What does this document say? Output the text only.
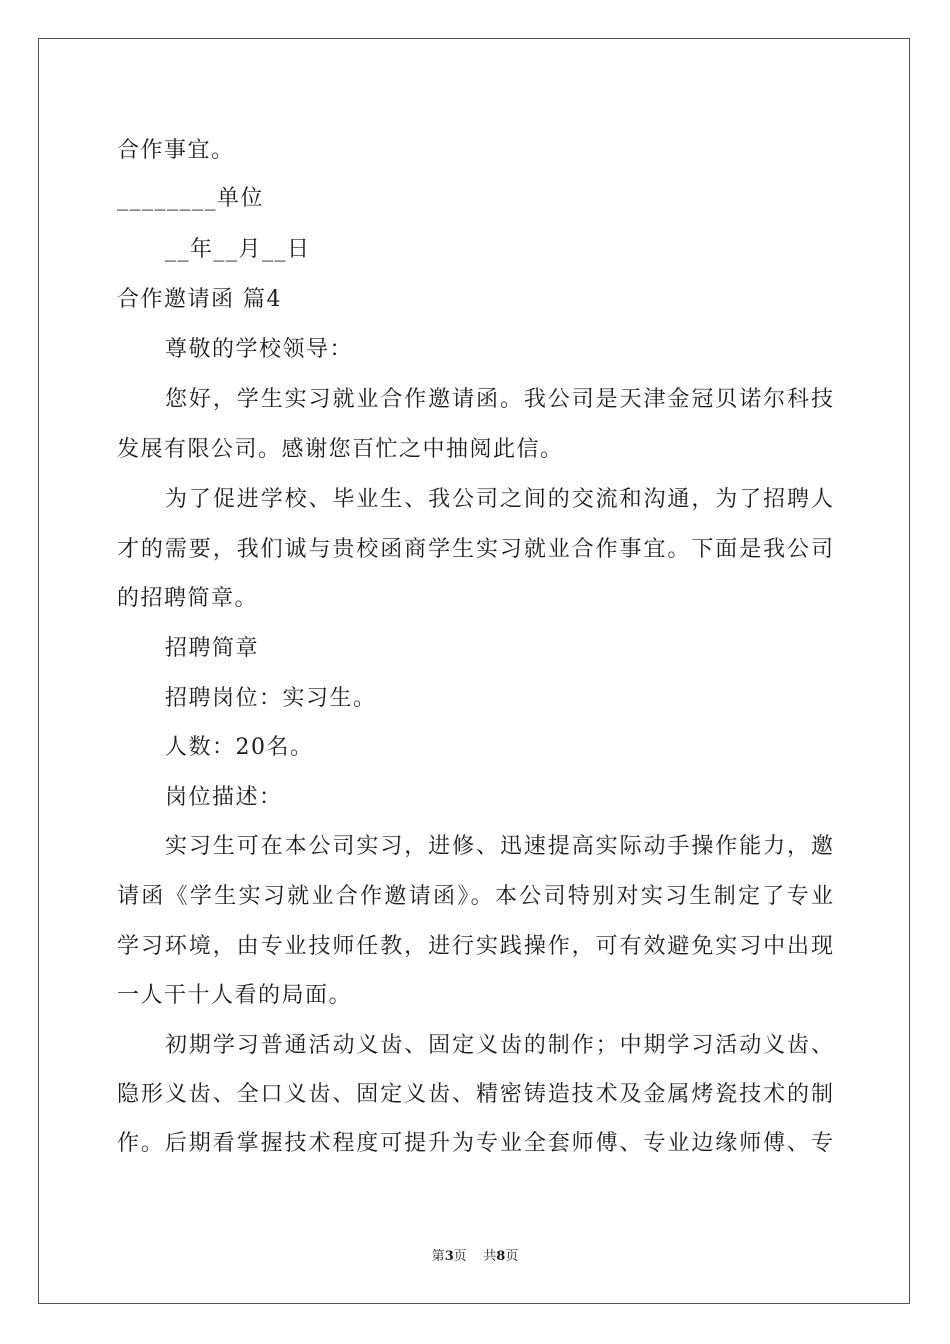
合作事宜。
________单位
__年__月__日
合作邀请函 篇4
尊敬的学校领导：
您好，学生实习就业合作邀请函。我公司是天津金冠贝诺尔科技
发展有限公司。感谢您百忙之中抽阅此信。
为了促进学校、毕业生、我公司之间的交流和沟通，为了招聘人
才的需要，我们诚与贵校函商学生实习就业合作事宜。下面是我公司
的招聘简章。
招聘简章
招聘岗位：实习生。
人数：20名。
岗位描述：
实习生可在本公司实习，进修、迅速提高实际动手操作能力，邀
请函《学生实习就业合作邀请函》。本公司特别对实习生制定了专业
学习环境，由专业技师任教，进行实践操作，可有效避免实习中出现
一人干十人看的局面。
初期学习普通活动义齿、固定义齿的制作；中期学习活动义齿、
隐形义齿、全口义齿、固定义齿、精密铸造技术及金属烤瓷技术的制
作。后期看掌握技术程度可提升为专业全套师傅、专业边缘师傅、专
第3页    共8页
